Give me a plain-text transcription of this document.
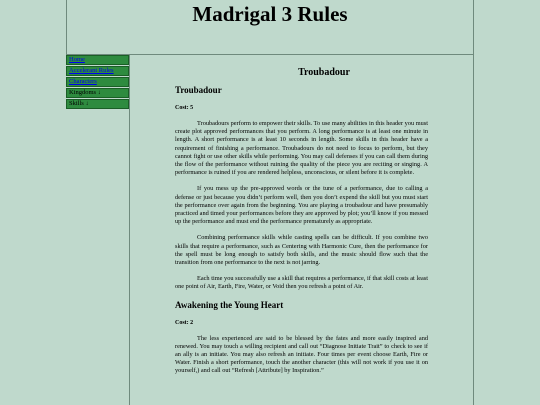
Madrigal 3 Rules
Home
Accelerant Rules
Characters
Kingdoms ↓
Skills ↓
Troubadour
Troubadour

Cost: 5

Troubadours perform to empower their skills. To use many abilities in this header you must create plot approved performances that you perform. A long performance is at least one minute in length. A short performance is at least 10 seconds in length. Some skills in this header have a requirement of finishing a performance. Troubadours do not need to focus to perform, but they cannot fight or use other skills while performing. You may call defenses if you can call them during the flow of the performance without ruining the quality of the piece you are reciting or singing. A performance is ruined if you are rendered helpless, unconscious, or silent before it is complete.

If you mess up the pre-approved words or the tune of a performance, due to calling a defense or just because you didn’t perform well, then you don’t expend the skill but you must start the performance over again from the beginning. You are playing a troubadour and have presumably practiced and timed your performances before they are approved by plot; you’ll know if you messed up the performance and must end the performance prematurely as appropriate.

Combining performance skills while casting spells can be difficult. If you combine two skills that require a performance, such as Centering with Harmonic Cure, then the performance for the spell must be long enough to satisfy both skills, and the music should flow such that the transition from one performance to the next is not jarring.

Each time you successfully use a skill that requires a performance, if that skill costs at least one point of Air, Earth, Fire, Water, or Void then you refresh a point of Air.

Awakening the Young Heart

Cost: 2

The less experienced are said to be blessed by the fates and more easily inspired and renewed. You may touch a willing recipient and call out “Diagnose Initiate Trait” to check to see if an ally is an initiate. You may also refresh an initiate. Four times per event choose Earth, Fire or Water. Finish a short performance, touch the another character (this will not work if you use it on yourself,) and call out “Refresh [Attribute] by Inspiration.”
